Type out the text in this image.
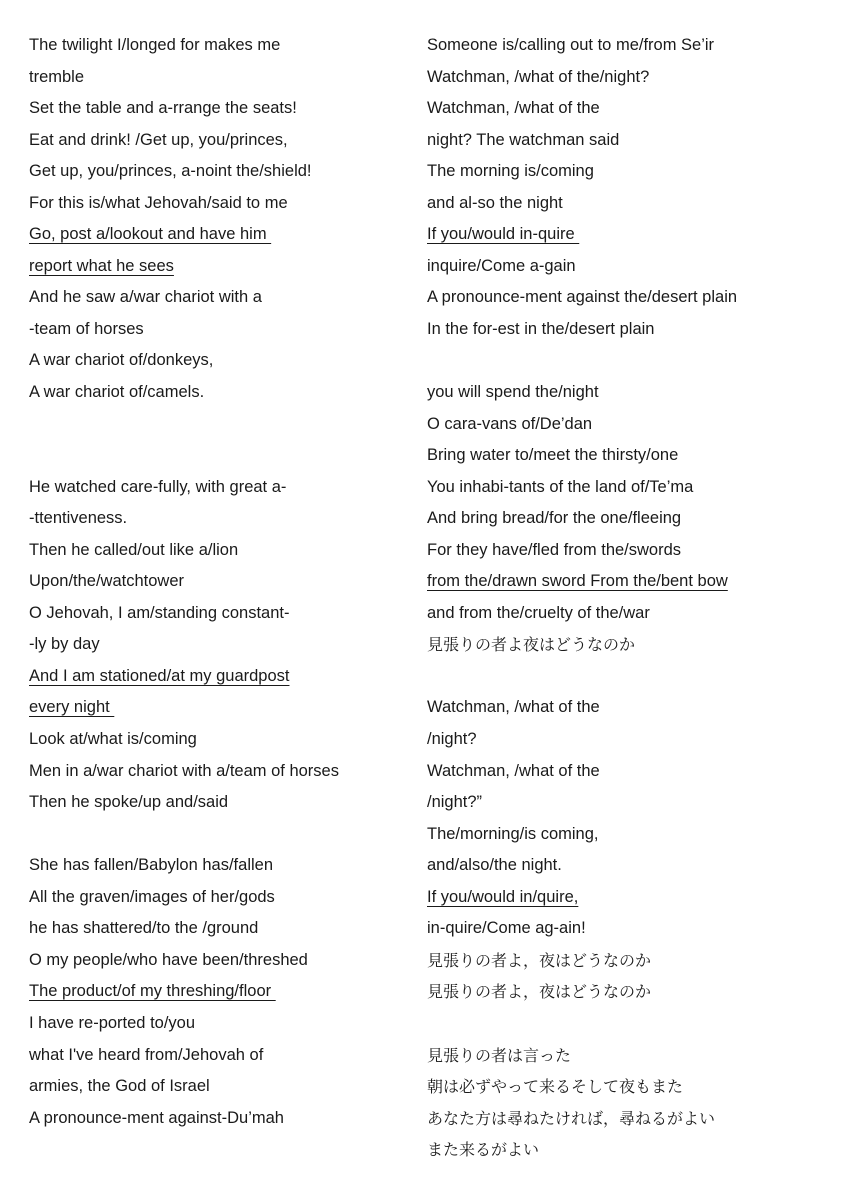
The twilight I/longed for makes me
tremble
Set the table and a-rrange the seats!
Eat and drink! /Get up, you/princes,
Get up, you/princes, a-noint the/shield!
For this is/what Jehovah/said to me
Go, post a/lookout and have him
report what he sees
And he saw a/war chariot with a
-team of horses
A war chariot of/donkeys,
A war chariot of/camels.
He watched care-fully, with great a-
-ttentiveness.
Then he called/out like a/lion
Upon/the/watchtower
O Jehovah, I am/standing constant-
-ly by day
And I am stationed/at my guardpost
every night
Look at/what is/coming
Men in a/war chariot with a/team of horses
Then he spoke/up and/said
She has fallen/Babylon has/fallen
All the graven/images of her/gods
he has shattered/to the /ground
O my people/who have been/threshed
The product/of my threshing/floor
I have re-ported to/you
what I've heard from/Jehovah of
armies, the God of Israel
A pronounce-ment against-Du’mah
Someone is/calling out to me/from Se’ir
Watchman, /what of the/night?
Watchman, /what of the
night? The watchman said
The morning is/coming
and al-so the night
If you/would in-quire
inquire/Come a-gain
A pronounce-ment against the/desert plain
In the for-est in the/desert plain
you will spend the/night
O cara-vans of/De’dan
Bring water to/meet the thirsty/one
You inhabi-tants of the land of/Te’ma
And bring bread/for the one/fleeing
For they have/fled from the/swords
from the/drawn sword From the/bent bow
and from the/cruelty of the/war
見張りの者よ夜はどうなのか
Watchman, /what of the
/night?
Watchman, /what of the
/night?”
The/morning/is coming,
and/also/the night.
If you/would in/quire,
in-quire/Come ag-ain!
見張りの者よ，夜はどうなのか
見張りの者よ，夜はどうなのか
見張りの者は言った
朝は必ずやって来るそして夜もまた
あなた方は尋ねたければ，尋ねるがよい
また来るがよい
